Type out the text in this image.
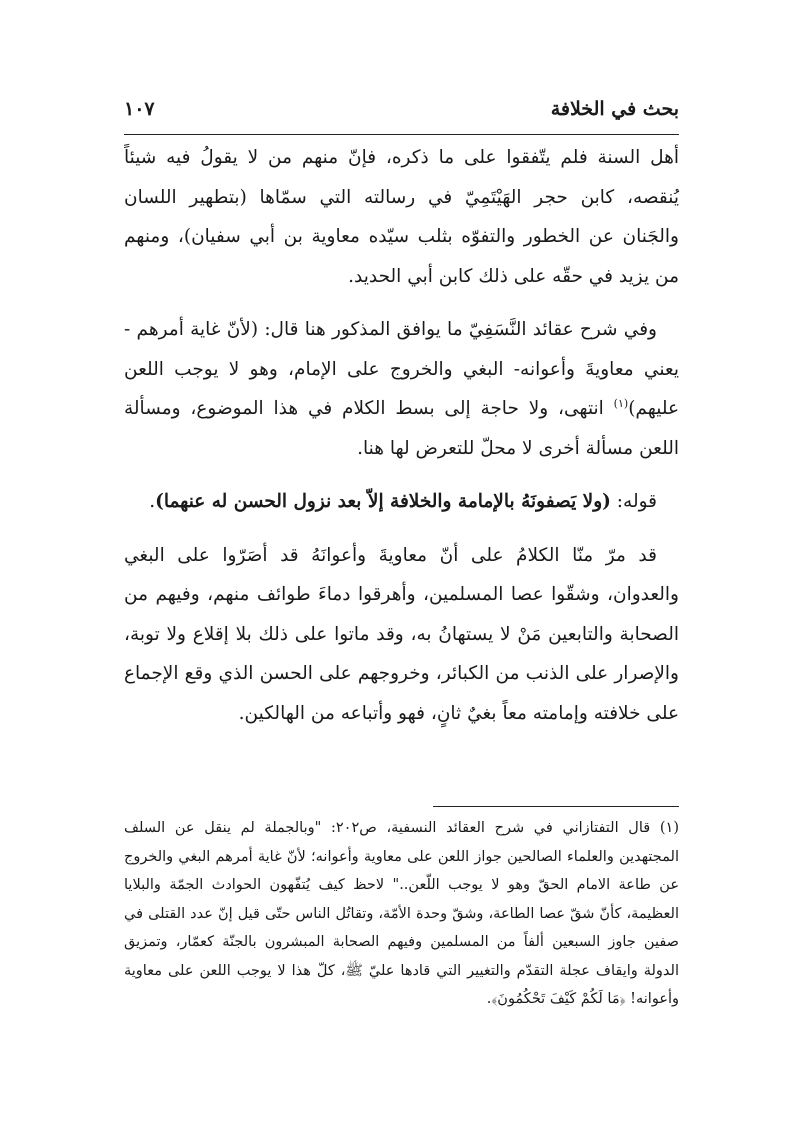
بحث في الخلافة
١٠٧

أهل السنة فلم يتّفقوا على ما ذكره، فإنّ منهم من لا يقولُ فيه شيئاً يُنقصه، كابن حجر الهَيْتَمِيّ في رسالته التي سمّاها (بتطهير اللسان والجَنان عن الخطور والتفوّه بثلب سيّده معاوية بن أبي سفيان)، ومنهم من يزيد في حقّه على ذلك كابن أبي الحديد.

وفي شرح عقائد النَّسَفِيّ ما يوافق المذكور هنا قال: (لأنّ غاية أمرهم - يعني معاويةَ وأعوانه- البغي والخروج على الإمام، وهو لا يوجب اللعن عليهم)$^{(١)}$ انتهى، ولا حاجة إلى بسط الكلام في هذا الموضوع، ومسألة اللعن مسألة أخرى لا محلّ للتعرض لها هنا.

قوله: (ولا يَصفونَهُ بالإمامة والخلافة إلاّ بعد نزول الحسن له عنهما).

قد مرّ منّا الكلامُ على أنّ معاويةَ وأعوانَهُ قد أصَرّوا على البغي والعدوان، وشقّوا عصا المسلمين، وأهرقوا دماءَ طوائف منهم، وفيهم من الصحابة والتابعين مَنْ لا يستهانُ به، وقد ماتوا على ذلك بلا إقلاع ولا توبة، والإصرار على الذنب من الكبائر، وخروجهم على الحسن الذي وقع الإجماع على خلافته وإمامته معاً بغيٌ ثانٍ، فهو وأتباعه من الهالكين.

(١) قال التفتازاني في شرح العقائد النسفية، ص٢٠٢: "وبالجملة لم ينقل عن السلف المجتهدين والعلماء الصالحين جواز اللعن على معاوية وأعوانه؛ لأنّ غاية أمرهم البغي والخروج عن طاعة الامام الحقّ وهو لا يوجب اللّعن.." لاحظ كيف يُتفّهون الحوادث الجمّة والبلايا العظيمة، كأنّ شقّ عصا الطاعة، وشقّ وحدة الأمّة، وتقاتُل الناس حتّى قيل إنّ عدد القتلى في صفين جاوز السبعين ألفاً من المسلمين وفيهم الصحابة المبشرون بالجنّة كعمّار، وتمزيق الدولة وايقاف عجلة التقدّم والتغيير التي قادها عليّ ﷺ، كلّ هذا لا يوجب اللعن على معاوية وأعوانه! ﴿مَا لَكُمْ كَيْفَ تَحْكُمُونَ﴾.
